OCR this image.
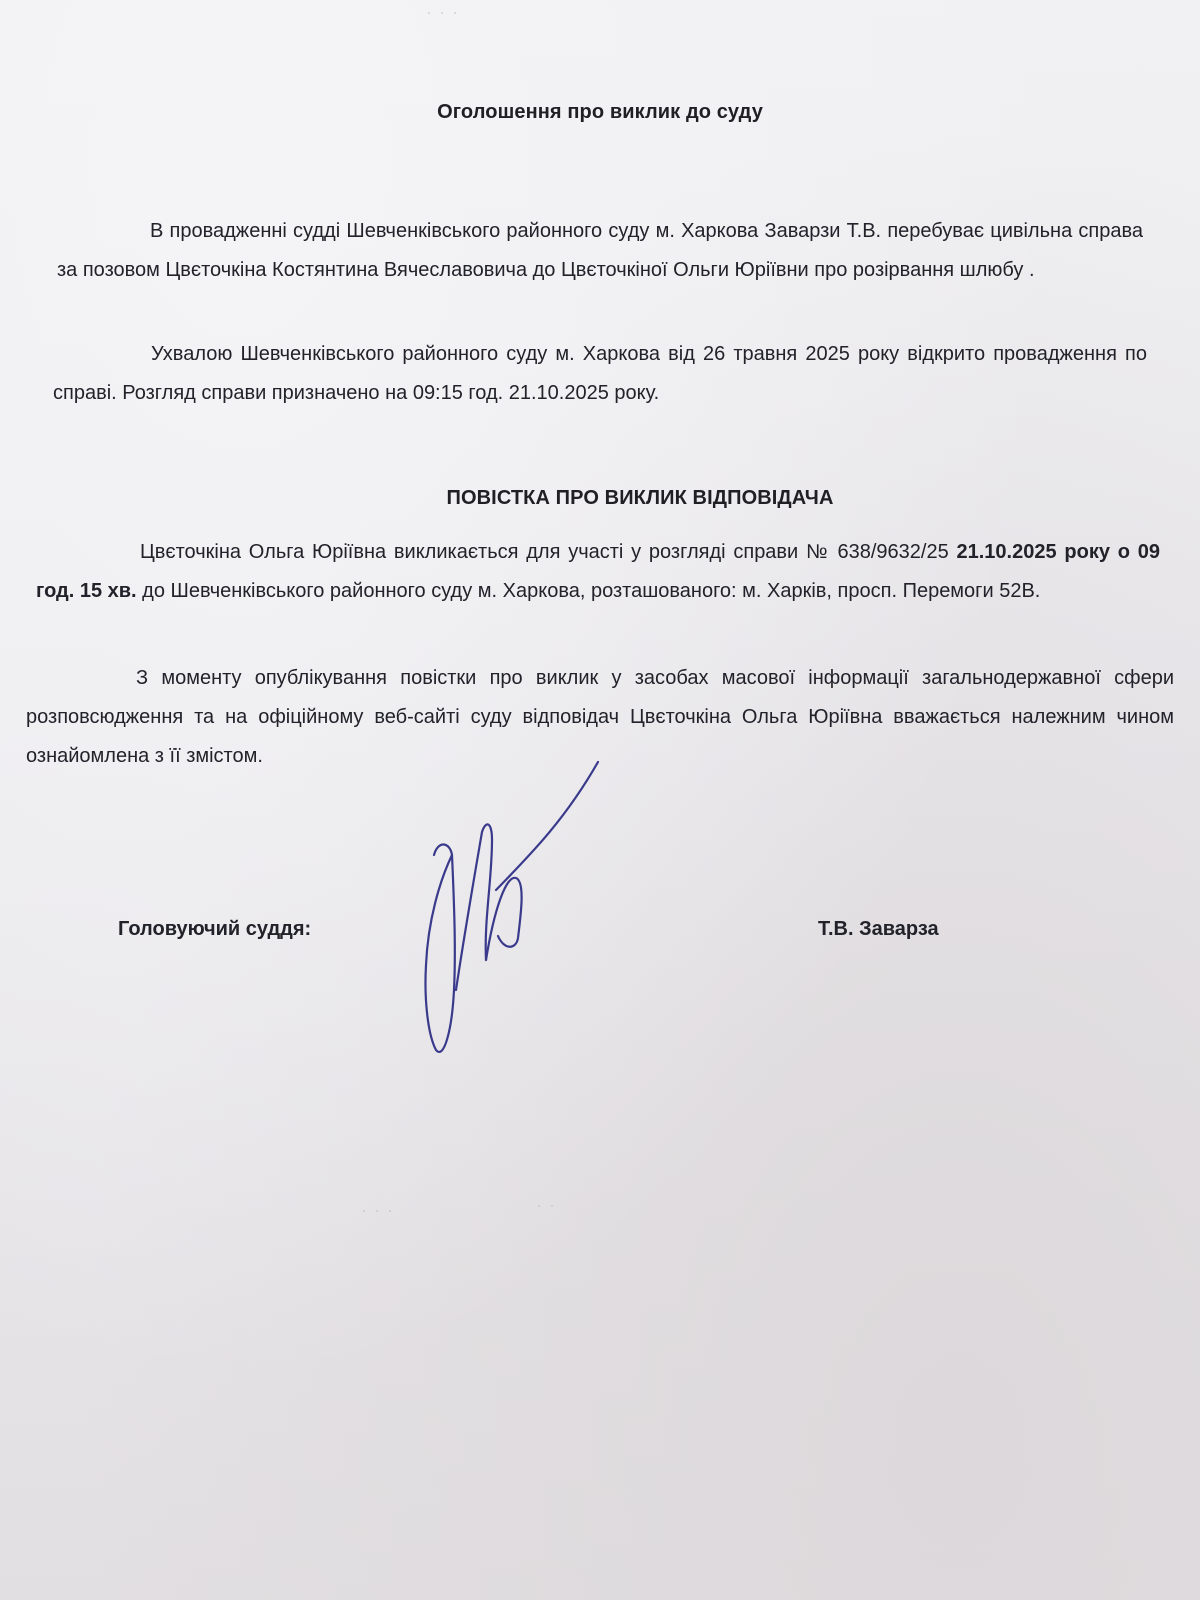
· · ·
· · ·	· ·
Оголошення про виклик до суду
В провадженні судді Шевченківського районного суду м. Харкова Заварзи Т.В. перебуває цивільна справа за позовом Цвєточкіна Костянтина Вячеславовича до Цвєточкіної Ольги Юріївни про розірвання шлюбу .
Ухвалою Шевченківського районного суду м. Харкова від 26 травня 2025 року відкрито провадження по справі. Розгляд справи призначено на 09:15 год. 21.10.2025 року.
ПОВІСТКА ПРО ВИКЛИК ВІДПОВІДАЧА
Цвєточкіна Ольга Юріївна викликається для участі у розгляді справи № 638/9632/25 21.10.2025 року о 09 год. 15 хв. до Шевченківського районного суду м. Харкова, розташованого: м. Харків, просп. Перемоги 52В.
З моменту опублікування повістки про виклик у засобах масової інформації загальнодержавної сфери розповсюдження та на офіційному веб-сайті суду відповідач Цвєточкіна Ольга Юріївна вважається належним чином ознайомлена з її змістом.
Головуючий суддя:	Т.В. Заварза
